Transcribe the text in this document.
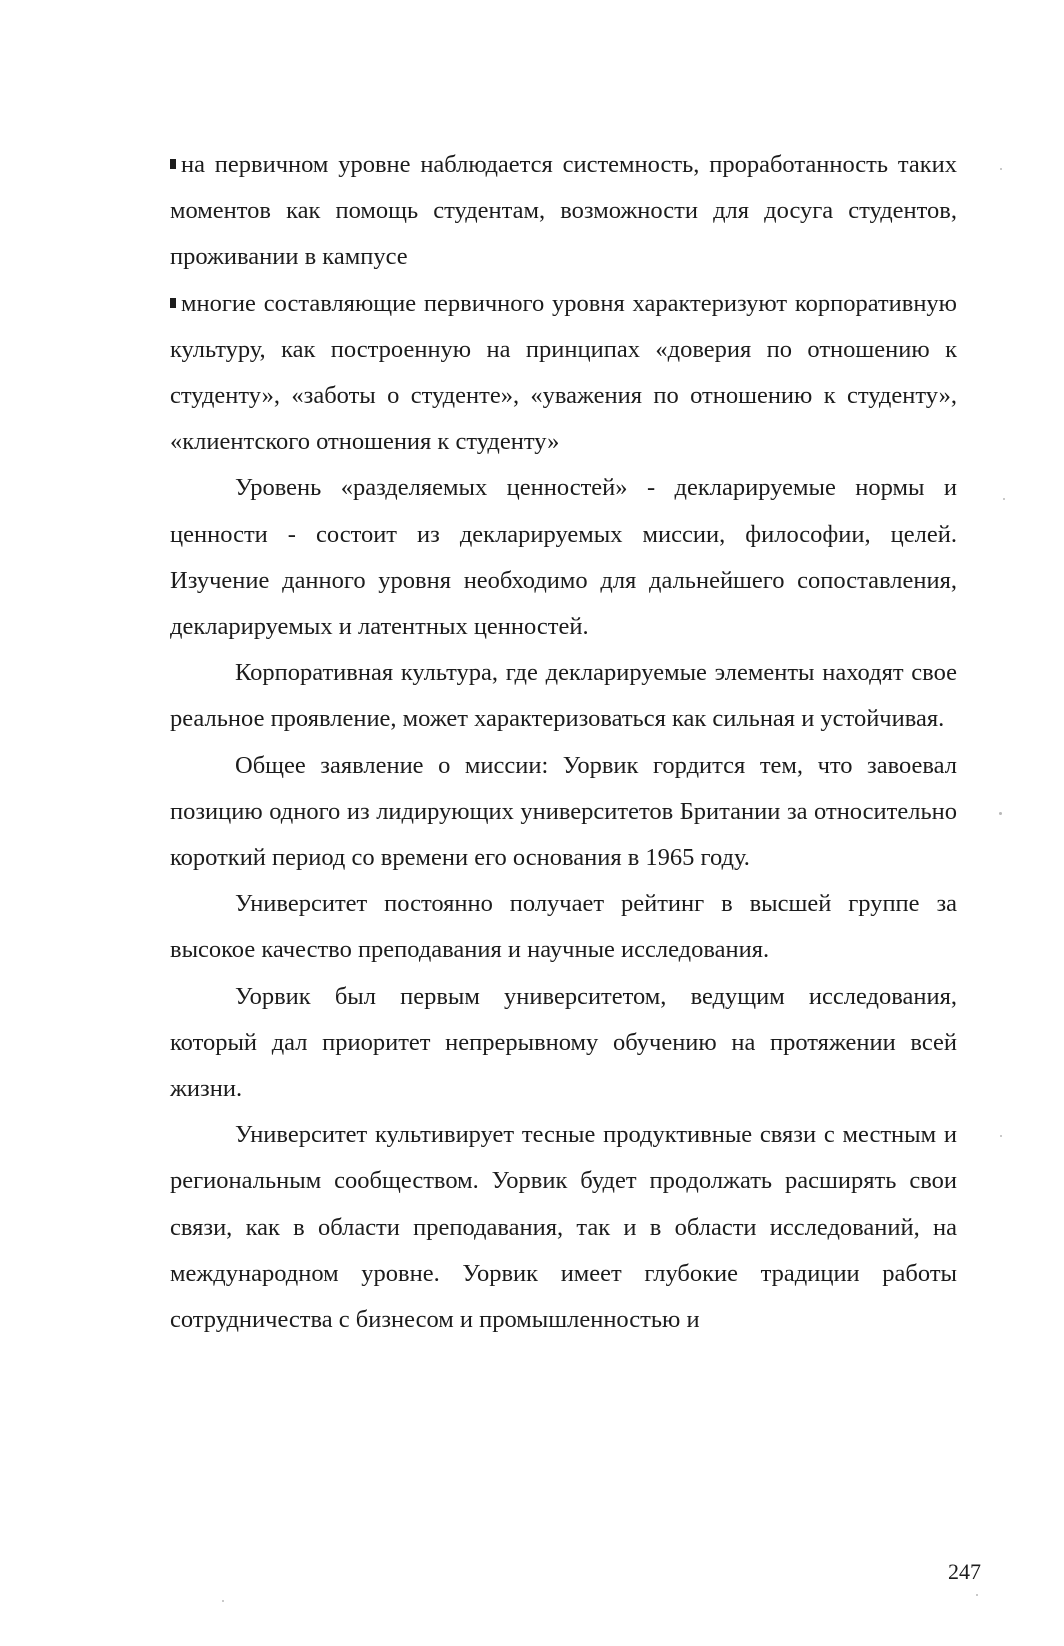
на первичном уровне наблюдается системность, проработанность таких моментов как помощь студентам, возможности для досуга студентов, проживании в кампусе

многие составляющие первичного уровня характеризуют корпоративную культуру, как построенную на принципах «доверия по отношению к студенту», «заботы о студенте», «уважения по отношению к студенту», «клиентского отношения к студенту»

Уровень «разделяемых ценностей» - декларируемые нормы и ценности - состоит из декларируемых миссии, философии, целей. Изучение данного уровня необходимо для дальнейшего сопоставления, декларируемых и латентных ценностей.

Корпоративная культура, где декларируемые элементы находят свое реальное проявление, может характеризоваться как сильная и устойчивая.

Общее заявление о миссии: Уорвик гордится тем, что завоевал позицию одного из лидирующих университетов Британии за относительно короткий период со времени его основания в 1965 году.

Университет постоянно получает рейтинг в высшей группе за высокое качество преподавания и научные исследования.

Уорвик был первым университетом, ведущим исследования, который дал приоритет непрерывному обучению на протяжении всей жизни.

Университет культивирует тесные продуктивные связи с местным и региональным сообществом. Уорвик будет продолжать расширять свои связи, как в области преподавания, так и в области исследований, на международном уровне. Уорвик имеет глубокие традиции работы сотрудничества с бизнесом и промышленностью и

247
